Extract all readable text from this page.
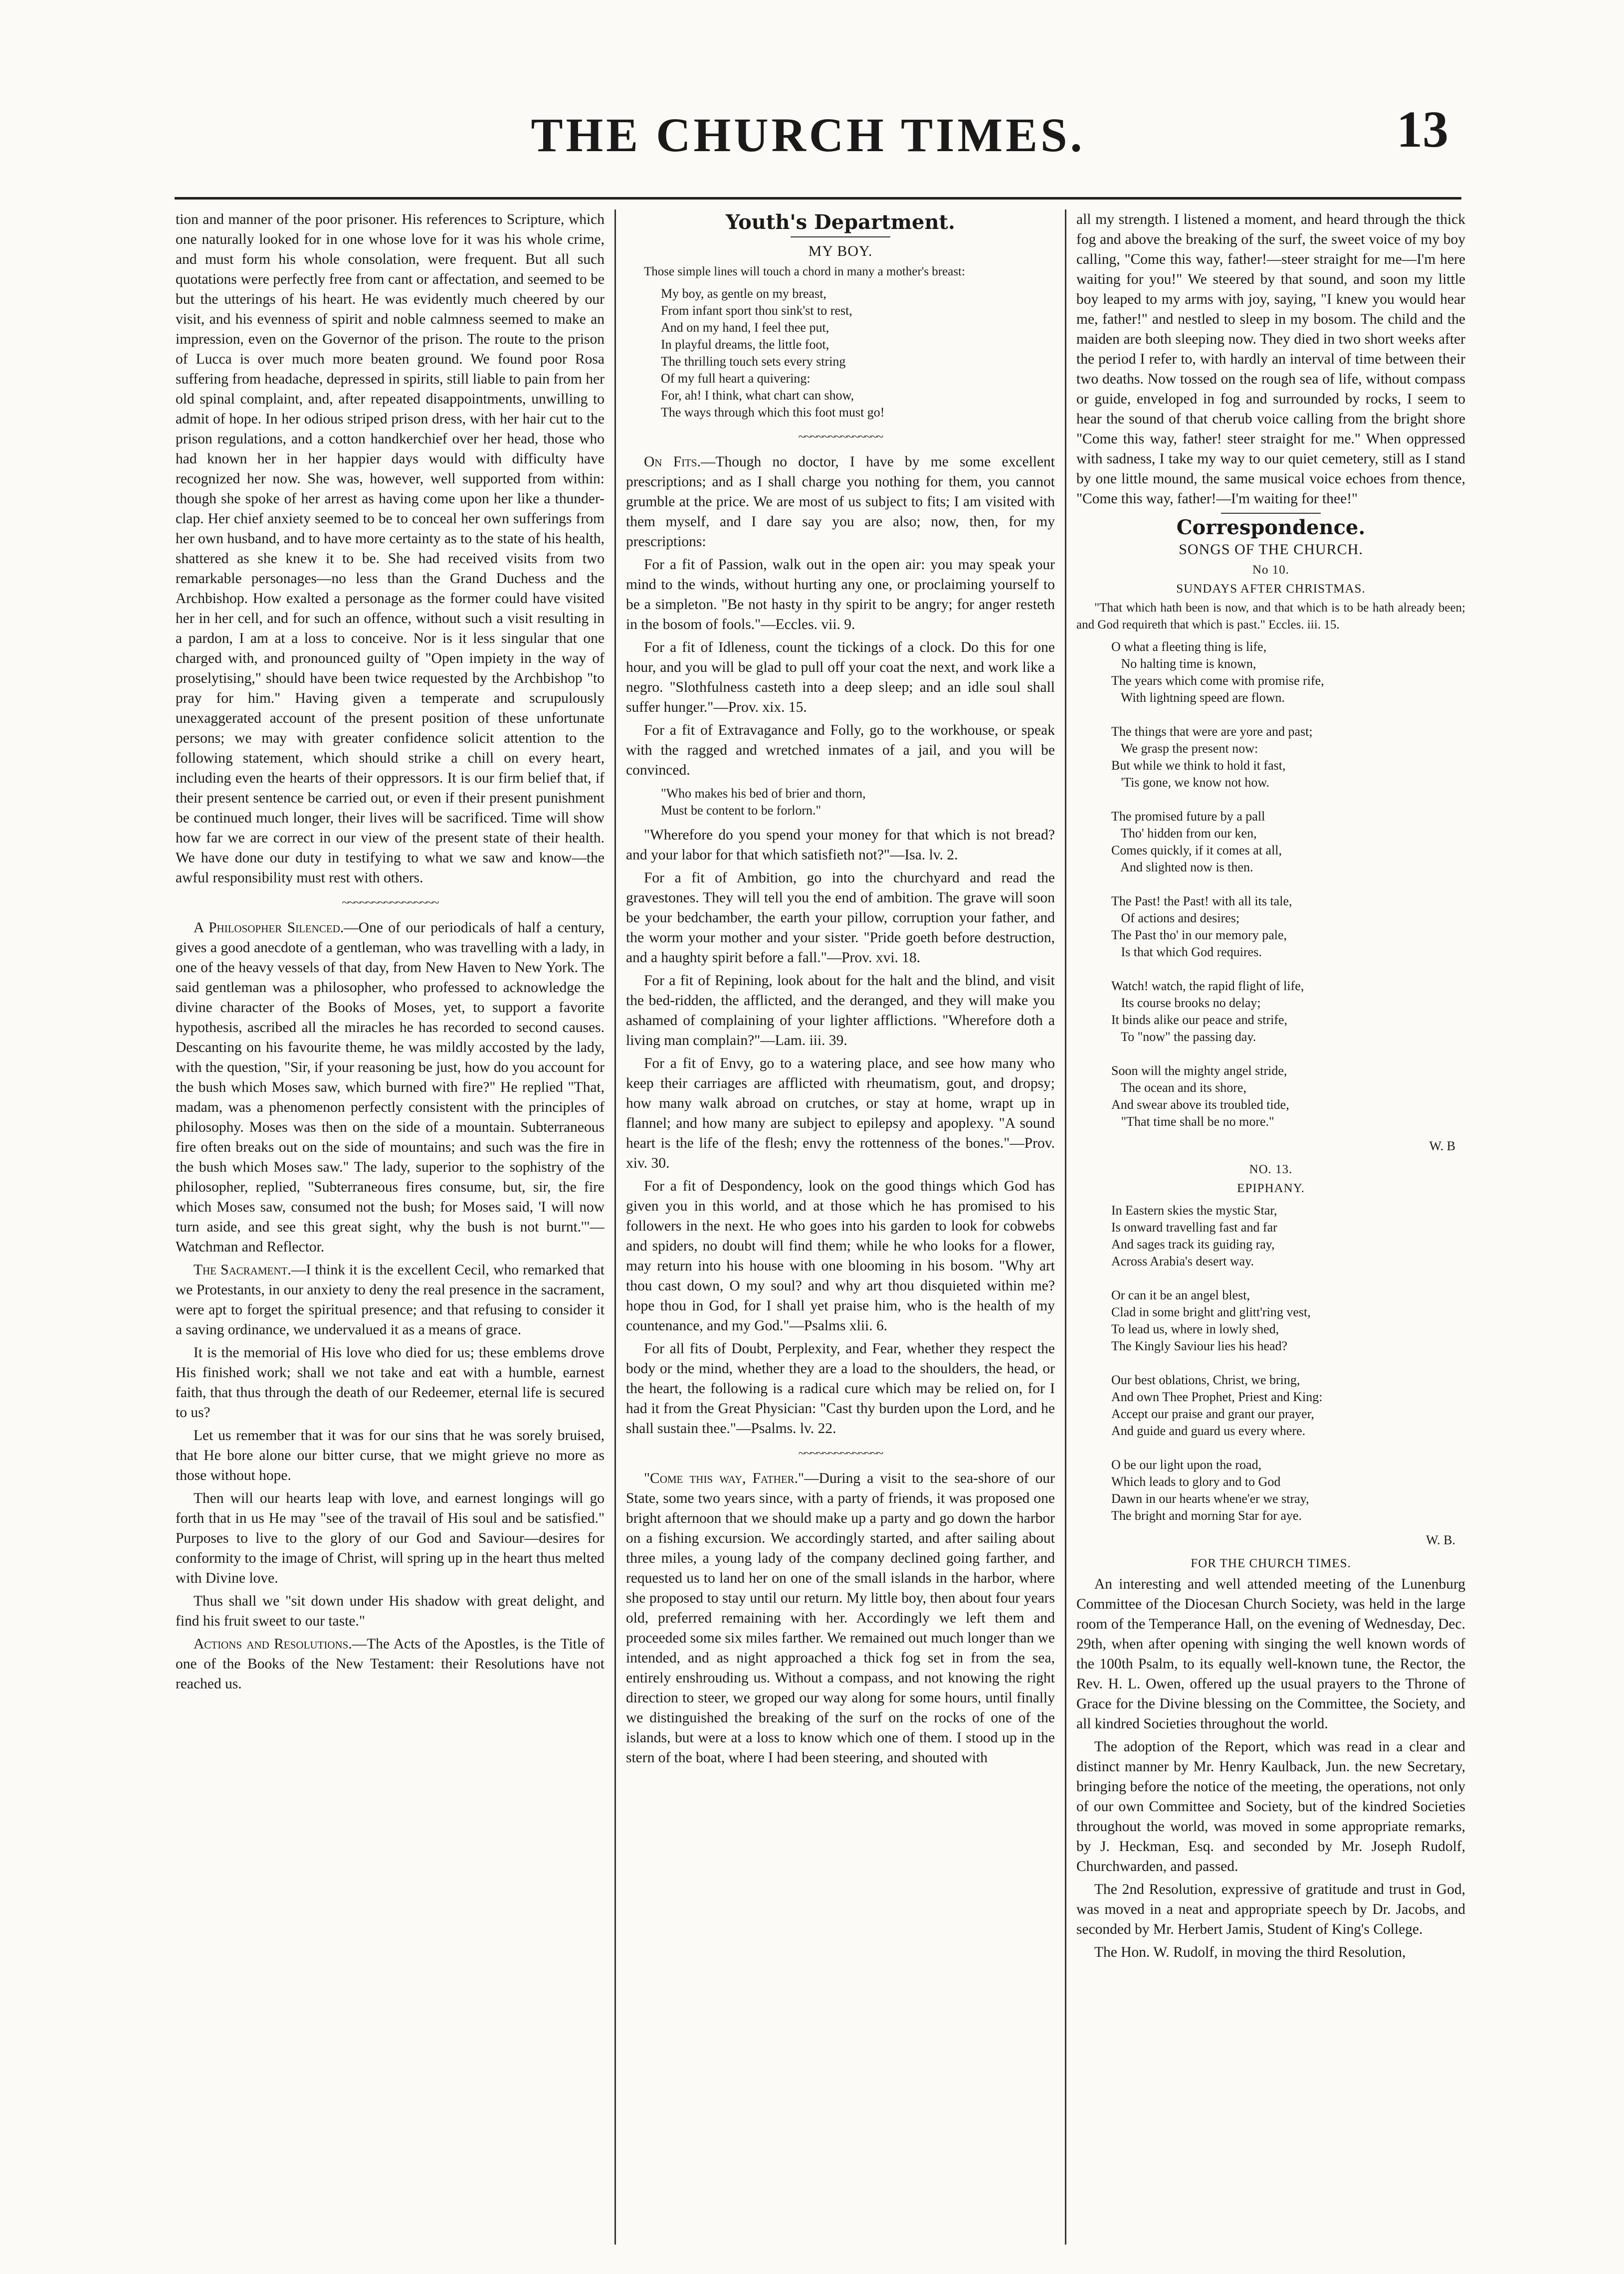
THE CHURCH TIMES.	13

tion and manner of the poor prisoner. His references to Scripture, which one naturally looked for in one whose love for it was his whole crime, and must form his whole consolation, were frequent. But all such quotations were perfectly free from cant or affectation, and seemed to be but the utterings of his heart. He was evidently much cheered by our visit, and his evenness of spirit and noble calmness seemed to make an impression, even on the Governor of the prison. The route to the prison of Lucca is over much more beaten ground. We found poor Rosa suffering from headache, depressed in spirits, still liable to pain from her old spinal complaint, and, after repeated disappointments, unwilling to admit of hope. In her odious striped prison dress, with her hair cut to the prison regulations, and a cotton handkerchief over her head, those who had known her in her happier days would with difficulty have recognized her now. She was, however, well supported from within: though she spoke of her arrest as having come upon her like a thunder-clap. Her chief anxiety seemed to be to conceal her own sufferings from her own husband, and to have more certainty as to the state of his health, shattered as she knew it to be. She had received visits from two remarkable personages—no less than the Grand Duchess and the Archbishop. How exalted a personage as the former could have visited her in her cell, and for such an offence, without such a visit resulting in a pardon, I am at a loss to conceive. Nor is it less singular that one charged with, and pronounced guilty of "Open impiety in the way of proselytising," should have been twice requested by the Archbishop "to pray for him." Having given a temperate and scrupulously unexaggerated account of the present position of these unfortunate persons; we may with greater confidence solicit attention to the following statement, which should strike a chill on every heart, including even the hearts of their oppressors. It is our firm belief that, if their present sentence be carried out, or even if their present punishment be continued much longer, their lives will be sacrificed. Time will show how far we are correct in our view of the present state of their health. We have done our duty in testifying to what we saw and know—the awful responsibility must rest with others.

~~~~~~~~~~~~~~~~

A Philosopher Silenced.—One of our periodicals of half a century, gives a good anecdote of a gentleman, who was travelling with a lady, in one of the heavy vessels of that day, from New Haven to New York. The said gentleman was a philosopher, who professed to acknowledge the divine character of the Books of Moses, yet, to support a favorite hypothesis, ascribed all the miracles he has recorded to second causes. Descanting on his favourite theme, he was mildly accosted by the lady, with the question, "Sir, if your reasoning be just, how do you account for the bush which Moses saw, which burned with fire?" He replied "That, madam, was a phenomenon perfectly consistent with the principles of philosophy. Moses was then on the side of a mountain. Subterraneous fire often breaks out on the side of mountains; and such was the fire in the bush which Moses saw." The lady, superior to the sophistry of the philosopher, replied, "Subterraneous fires consume, but, sir, the fire which Moses saw, consumed not the bush; for Moses said, 'I will now turn aside, and see this great sight, why the bush is not burnt.'"—Watchman and Reflector.

The Sacrament.—I think it is the excellent Cecil, who remarked that we Protestants, in our anxiety to deny the real presence in the sacrament, were apt to forget the spiritual presence; and that refusing to consider it a saving ordinance, we undervalued it as a means of grace.

It is the memorial of His love who died for us; these emblems drove His finished work; shall we not take and eat with a humble, earnest faith, that thus through the death of our Redeemer, eternal life is secured to us?

Let us remember that it was for our sins that he was sorely bruised, that He bore alone our bitter curse, that we might grieve no more as those without hope.

Then will our hearts leap with love, and earnest longings will go forth that in us He may "see of the travail of His soul and be satisfied." Purposes to live to the glory of our God and Saviour—desires for conformity to the image of Christ, will spring up in the heart thus melted with Divine love.

Thus shall we "sit down under His shadow with great delight, and find his fruit sweet to our taste."

Actions and Resolutions.—The Acts of the Apostles, is the Title of one of the Books of the New Testament: their Resolutions have not reached us.

Youth's Department.
MY BOY.

Those simple lines will touch a chord in many a mother's breast:

My boy, as gentle on my breast,
From infant sport thou sink'st to rest,
And on my hand, I feel thee put,
In playful dreams, the little foot,
The thrilling touch sets every string
Of my full heart a quivering:
For, ah! I think, what chart can show,
The ways through which this foot must go!
~~~~~~~~~~~~~~

On Fits.—Though no doctor, I have by me some excellent prescriptions; and as I shall charge you nothing for them, you cannot grumble at the price. We are most of us subject to fits; I am visited with them myself, and I dare say you are also; now, then, for my prescriptions:

For a fit of Passion, walk out in the open air: you may speak your mind to the winds, without hurting any one, or proclaiming yourself to be a simpleton. "Be not hasty in thy spirit to be angry; for anger resteth in the bosom of fools."—Eccles. vii. 9.

For a fit of Idleness, count the tickings of a clock. Do this for one hour, and you will be glad to pull off your coat the next, and work like a negro. "Slothfulness casteth into a deep sleep; and an idle soul shall suffer hunger."—Prov. xix. 15.

For a fit of Extravagance and Folly, go to the workhouse, or speak with the ragged and wretched inmates of a jail, and you will be convinced.

"Who makes his bed of brier and thorn,
Must be content to be forlorn."

"Wherefore do you spend your money for that which is not bread? and your labor for that which satisfieth not?"—Isa. lv. 2.

For a fit of Ambition, go into the churchyard and read the gravestones. They will tell you the end of ambition. The grave will soon be your bedchamber, the earth your pillow, corruption your father, and the worm your mother and your sister. "Pride goeth before destruction, and a haughty spirit before a fall."—Prov. xvi. 18.

For a fit of Repining, look about for the halt and the blind, and visit the bed-ridden, the afflicted, and the deranged, and they will make you ashamed of complaining of your lighter afflictions. "Wherefore doth a living man complain?"—Lam. iii. 39.

For a fit of Envy, go to a watering place, and see how many who keep their carriages are afflicted with rheumatism, gout, and dropsy; how many walk abroad on crutches, or stay at home, wrapt up in flannel; and how many are subject to epilepsy and apoplexy. "A sound heart is the life of the flesh; envy the rottenness of the bones."—Prov. xiv. 30.

For a fit of Despondency, look on the good things which God has given you in this world, and at those which he has promised to his followers in the next. He who goes into his garden to look for cobwebs and spiders, no doubt will find them; while he who looks for a flower, may return into his house with one blooming in his bosom. "Why art thou cast down, O my soul? and why art thou disquieted within me? hope thou in God, for I shall yet praise him, who is the health of my countenance, and my God."—Psalms xlii. 6.

For all fits of Doubt, Perplexity, and Fear, whether they respect the body or the mind, whether they are a load to the shoulders, the head, or the heart, the following is a radical cure which may be relied on, for I had it from the Great Physician: "Cast thy burden upon the Lord, and he shall sustain thee."—Psalms. lv. 22.

~~~~~~~~~~~~~~

"Come this way, Father."—During a visit to the sea-shore of our State, some two years since, with a party of friends, it was proposed one bright afternoon that we should make up a party and go down the harbor on a fishing excursion. We accordingly started, and after sailing about three miles, a young lady of the company declined going farther, and requested us to land her on one of the small islands in the harbor, where she proposed to stay until our return. My little boy, then about four years old, preferred remaining with her. Accordingly we left them and proceeded some six miles farther. We remained out much longer than we intended, and as night approached a thick fog set in from the sea, entirely enshrouding us. Without a compass, and not knowing the right direction to steer, we groped our way along for some hours, until finally we distinguished the breaking of the surf on the rocks of one of the islands, but were at a loss to know which one of them. I stood up in the stern of the boat, where I had been steering, and shouted with

all my strength. I listened a moment, and heard through the thick fog and above the breaking of the surf, the sweet voice of my boy calling, "Come this way, father!—steer straight for me—I'm here waiting for you!" We steered by that sound, and soon my little boy leaped to my arms with joy, saying, "I knew you would hear me, father!" and nestled to sleep in my bosom. The child and the maiden are both sleeping now. They died in two short weeks after the period I refer to, with hardly an interval of time between their two deaths. Now tossed on the rough sea of life, without compass or guide, enveloped in fog and surrounded by rocks, I seem to hear the sound of that cherub voice calling from the bright shore "Come this way, father! steer straight for me." When oppressed with sadness, I take my way to our quiet cemetery, still as I stand by one little mound, the same musical voice echoes from thence, "Come this way, father!—I'm waiting for thee!"

Correspondence.
SONGS OF THE CHURCH.
No 10.
SUNDAYS AFTER CHRISTMAS.

"That which hath been is now, and that which is to be hath already been; and God requireth that which is past." Eccles. iii. 15.

O what a fleeting thing is life,
No halting time is known,
The years which come with promise rife,
With lightning speed are flown.

The things that were are yore and past;
We grasp the present now:
But while we think to hold it fast,
'Tis gone, we know not how.

The promised future by a pall
Tho' hidden from our ken,
Comes quickly, if it comes at all,
And slighted now is then.

The Past! the Past! with all its tale,
Of actions and desires;
The Past tho' in our memory pale,
Is that which God requires.

Watch! watch, the rapid flight of life,
Its course brooks no delay;
It binds alike our peace and strife,
To "now" the passing day.

Soon will the mighty angel stride,
The ocean and its shore,
And swear above its troubled tide,
"That time shall be no more."
W. B
NO. 13.
EPIPHANY.
In Eastern skies the mystic Star,
Is onward travelling fast and far
And sages track its guiding ray,
Across Arabia's desert way.

Or can it be an angel blest,
Clad in some bright and glitt'ring vest,
To lead us, where in lowly shed,
The Kingly Saviour lies his head?

Our best oblations, Christ, we bring,
And own Thee Prophet, Priest and King:
Accept our praise and grant our prayer,
And guide and guard us every where.

O be our light upon the road,
Which leads to glory and to God
Dawn in our hearts whene'er we stray,
The bright and morning Star for aye.
W. B.
FOR THE CHURCH TIMES.

An interesting and well attended meeting of the Lunenburg Committee of the Diocesan Church Society, was held in the large room of the Temperance Hall, on the evening of Wednesday, Dec. 29th, when after opening with singing the well known words of the 100th Psalm, to its equally well-known tune, the Rector, the Rev. H. L. Owen, offered up the usual prayers to the Throne of Grace for the Divine blessing on the Committee, the Society, and all kindred Societies throughout the world.

The adoption of the Report, which was read in a clear and distinct manner by Mr. Henry Kaulback, Jun. the new Secretary, bringing before the notice of the meeting, the operations, not only of our own Committee and Society, but of the kindred Societies throughout the world, was moved in some appropriate remarks, by J. Heckman, Esq. and seconded by Mr. Joseph Rudolf, Churchwarden, and passed.

The 2nd Resolution, expressive of gratitude and trust in God, was moved in a neat and appropriate speech by Dr. Jacobs, and seconded by Mr. Herbert Jamis, Student of King's College.

The Hon. W. Rudolf, in moving the third Resolution,
